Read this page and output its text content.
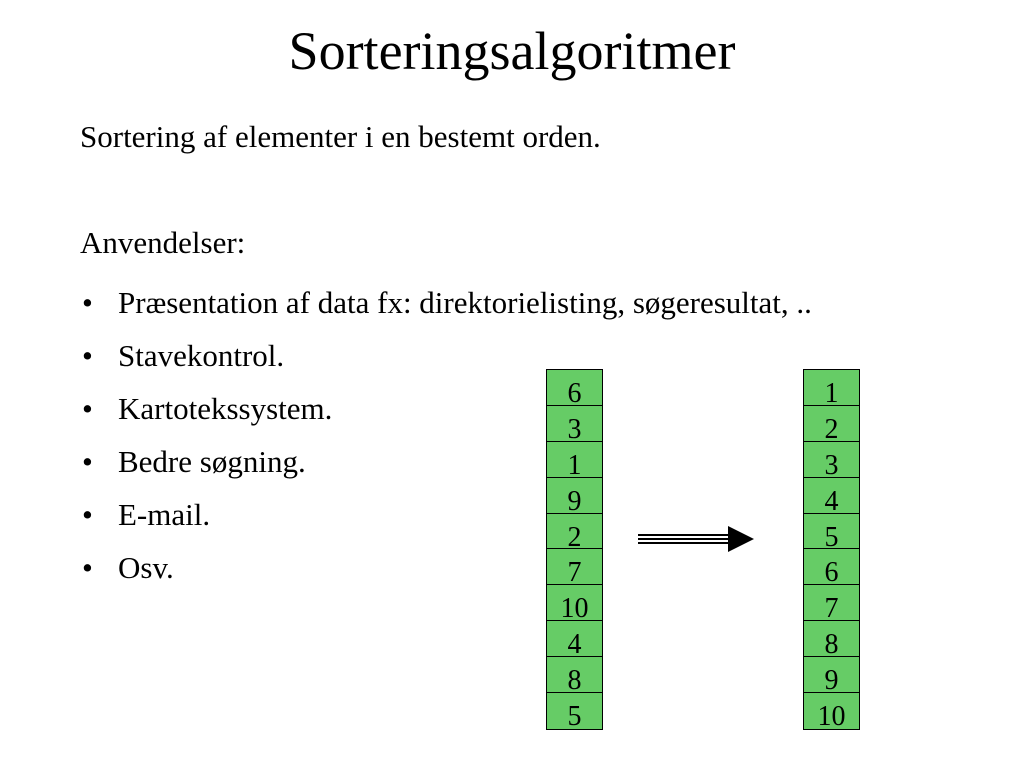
Sorteringsalgoritmer
Sortering af elementer i en bestemt orden.
Anvendelser:
• Præsentation af data fx: direktorielisting, søgeresultat, ..
• Stavekontrol.
• Kartotekssystem.
• Bedre søgning.
• E-mail.
• Osv.
6
3
1
9
2
7
10
4
8
5
1
2
3
4
5
6
7
8
9
10
